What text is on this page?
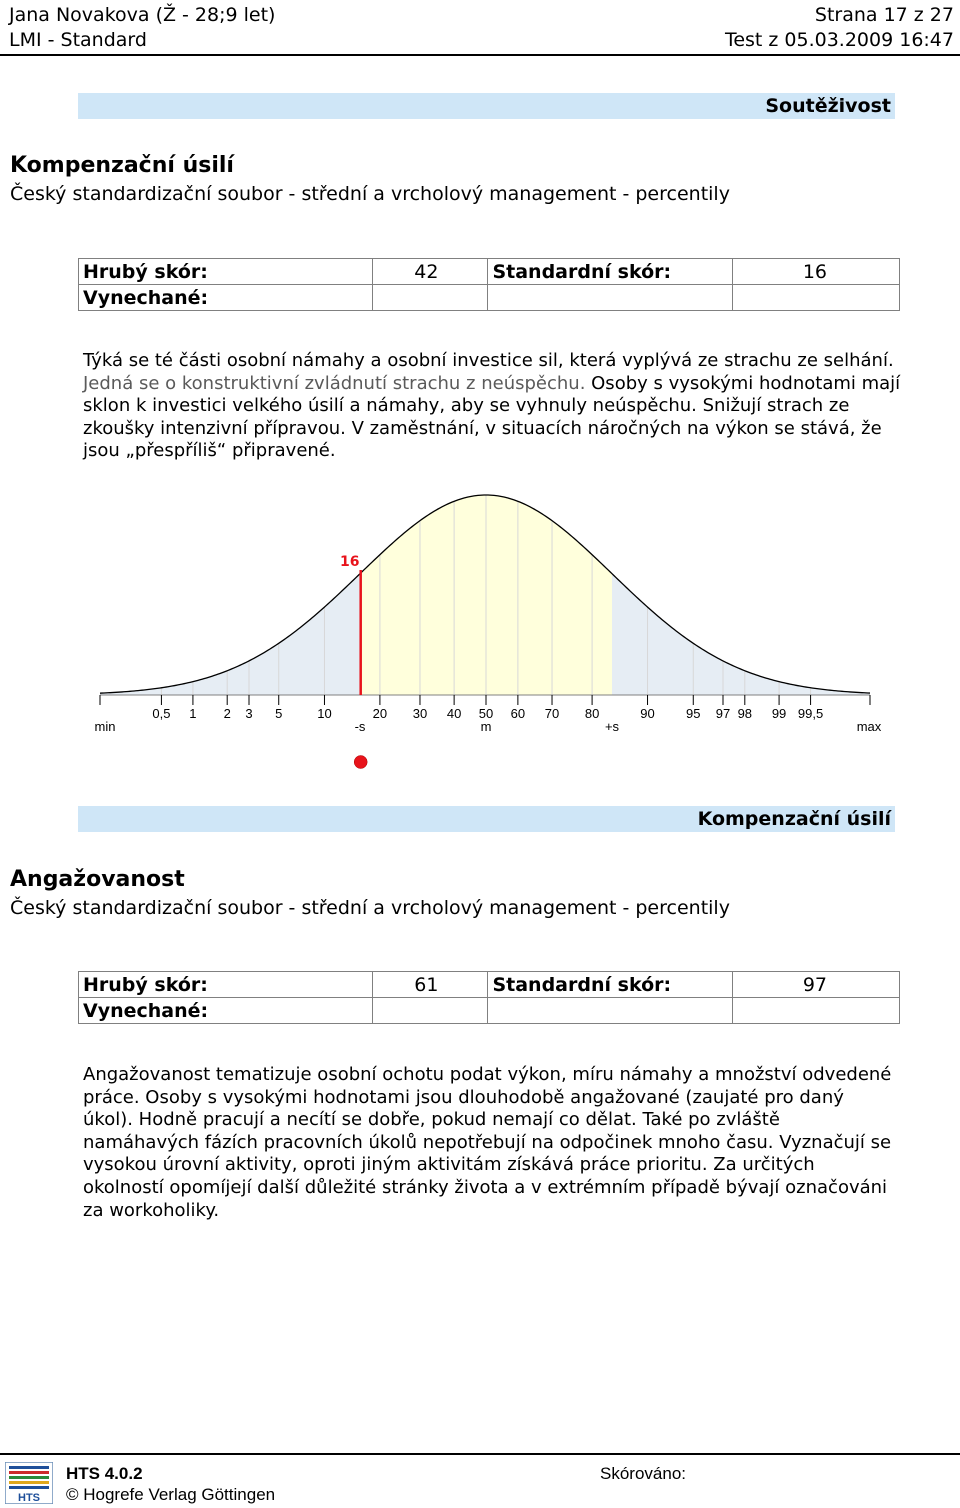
Jana Novakova (Ž - 28;9 let)	Strana 17 z 27
LMI - Standard	Test z 05.03.2009 16:47
Soutěživost
Kompenzační úsilí
Český standardizační soubor - střední a vrcholový management - percentily
Hrubý skór:	42	Standardní skór:	16
Vynechané:			
Týká se té části osobní námahy a osobní investice sil, která vyplývá ze strachu ze selhání. Jedná se o konstruktivní zvládnutí strachu z neúspěchu. Osoby s vysokými hodnotami mají sklon k investici velkého úsilí a námahy, aby se vyhnuly neúspěchu. Snižují strach ze zkoušky intenzivní přípravou. V zaměstnání, v situacích náročných na výkon se stává, že jsou „přespříliš“ připravené.
0,5 1 2 3 5	10	20 30 40 50 60 70 80	90 95 97 98 99 99,5
min	-s	m	+s	max
16
Kompenzační úsilí
Angažovanost
Český standardizační soubor - střední a vrcholový management - percentily
Hrubý skór:	61	Standardní skór:	97
Vynechané:			
Angažovanost tematizuje osobní ochotu podat výkon, míru námahy a množství odvedené práce. Osoby s vysokými hodnotami jsou dlouhodobě angažované (zaujaté pro daný úkol). Hodně pracují a necítí se dobře, pokud nemají co dělat. Také po zvláště namáhavých fázích pracovních úkolů nepotřebují na odpočinek mnoho času. Vyznačují se vysokou úrovní aktivity, oproti jiným aktivitám získává práce prioritu. Za určitých okolností opomíjejí další důležité stránky života a v extrémním případě bývají označováni za workoholiky.
HTS
HTS 4.0.2
© Hogrefe Verlag Göttingen
Skórováno:
